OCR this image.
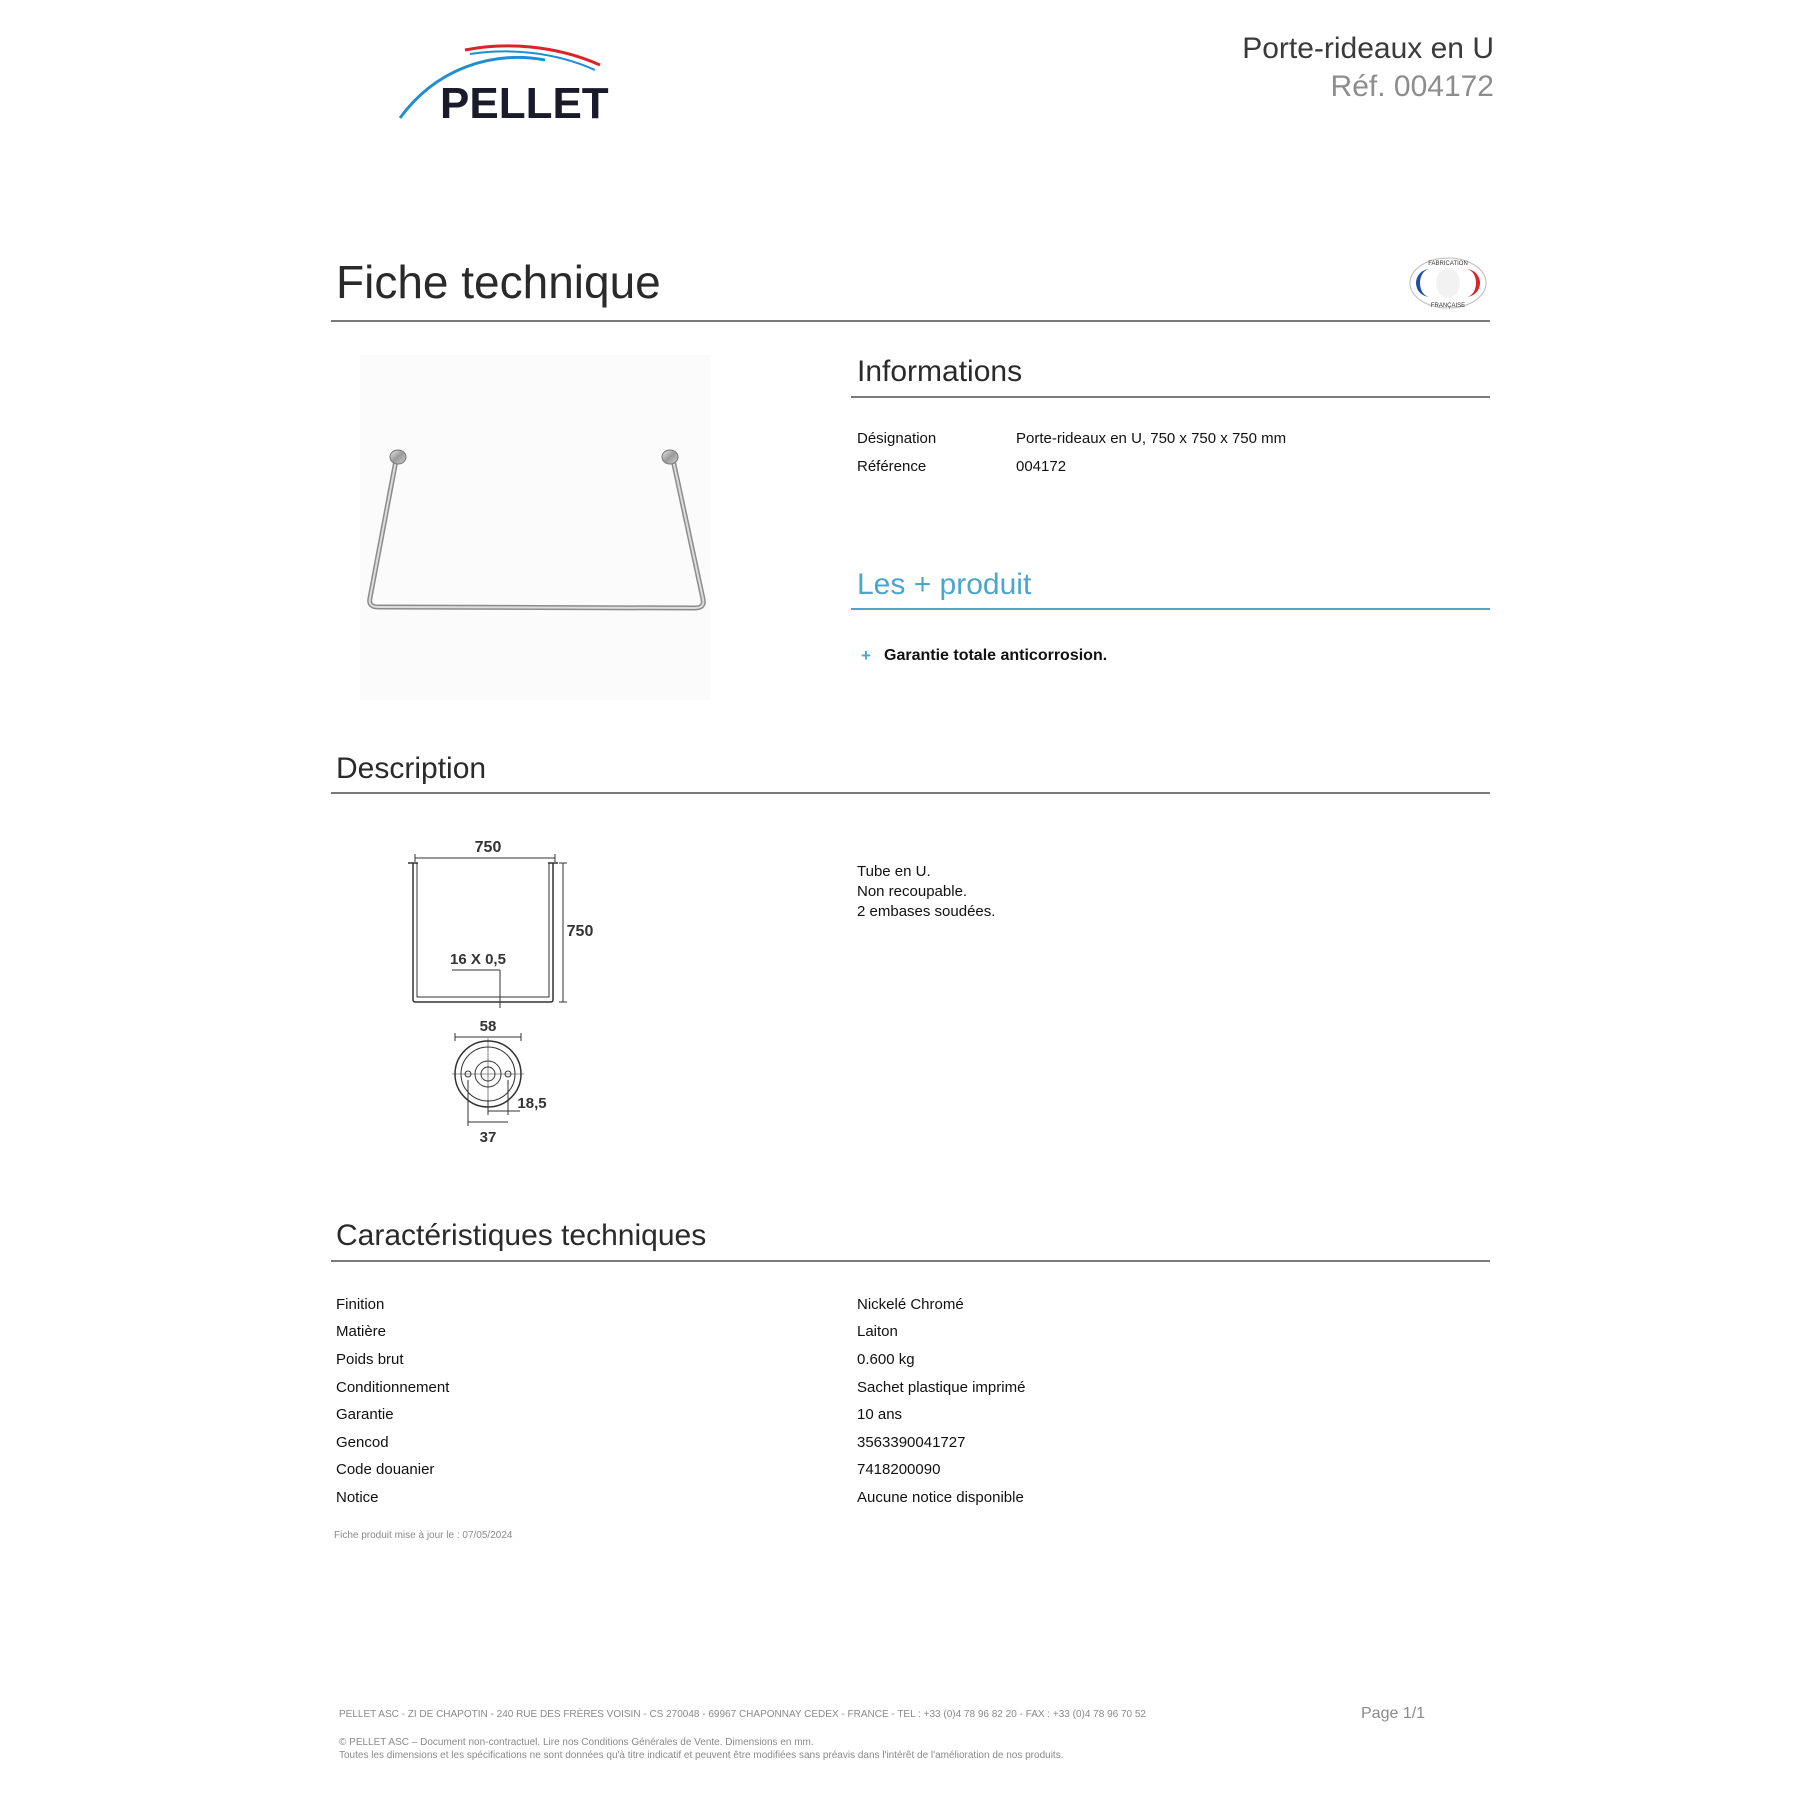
PELLET
Porte-rideaux en U
Réf. 004172
Fiche technique	FABRICATION
FRANÇAISE
Informations
Désignation	Porte-rideaux en U, 750 x 750 x 750 mm
Référence	004172
Les + produit
+ Garantie totale anticorrosion.
Description
750
750
16 X 0,5
58
18,5
37
Tube en U.
Non recoupable.
2 embases soudées.
Caractéristiques techniques
Finition	Nickelé Chromé
Matière	Laiton
Poids brut	0.600 kg
Conditionnement	Sachet plastique imprimé
Garantie	10 ans
Gencod	3563390041727
Code douanier	7418200090
Notice	Aucune notice disponible
Fiche produit mise à jour le : 07/05/2024
PELLET ASC - ZI DE CHAPOTIN - 240 RUE DES FRÈRES VOISIN - CS 270048 - 69967 CHAPONNAY CEDEX - FRANCE - TEL : +33 (0)4 78 96 82 20 - FAX : +33 (0)4 78 96 70 52	Page 1/1
© PELLET ASC – Document non-contractuel. Lire nos Conditions Générales de Vente. Dimensions en mm.
Toutes les dimensions et les spécifications ne sont données qu'à titre indicatif et peuvent être modifiées sans préavis dans l'intérêt de l'amélioration de nos produits.
